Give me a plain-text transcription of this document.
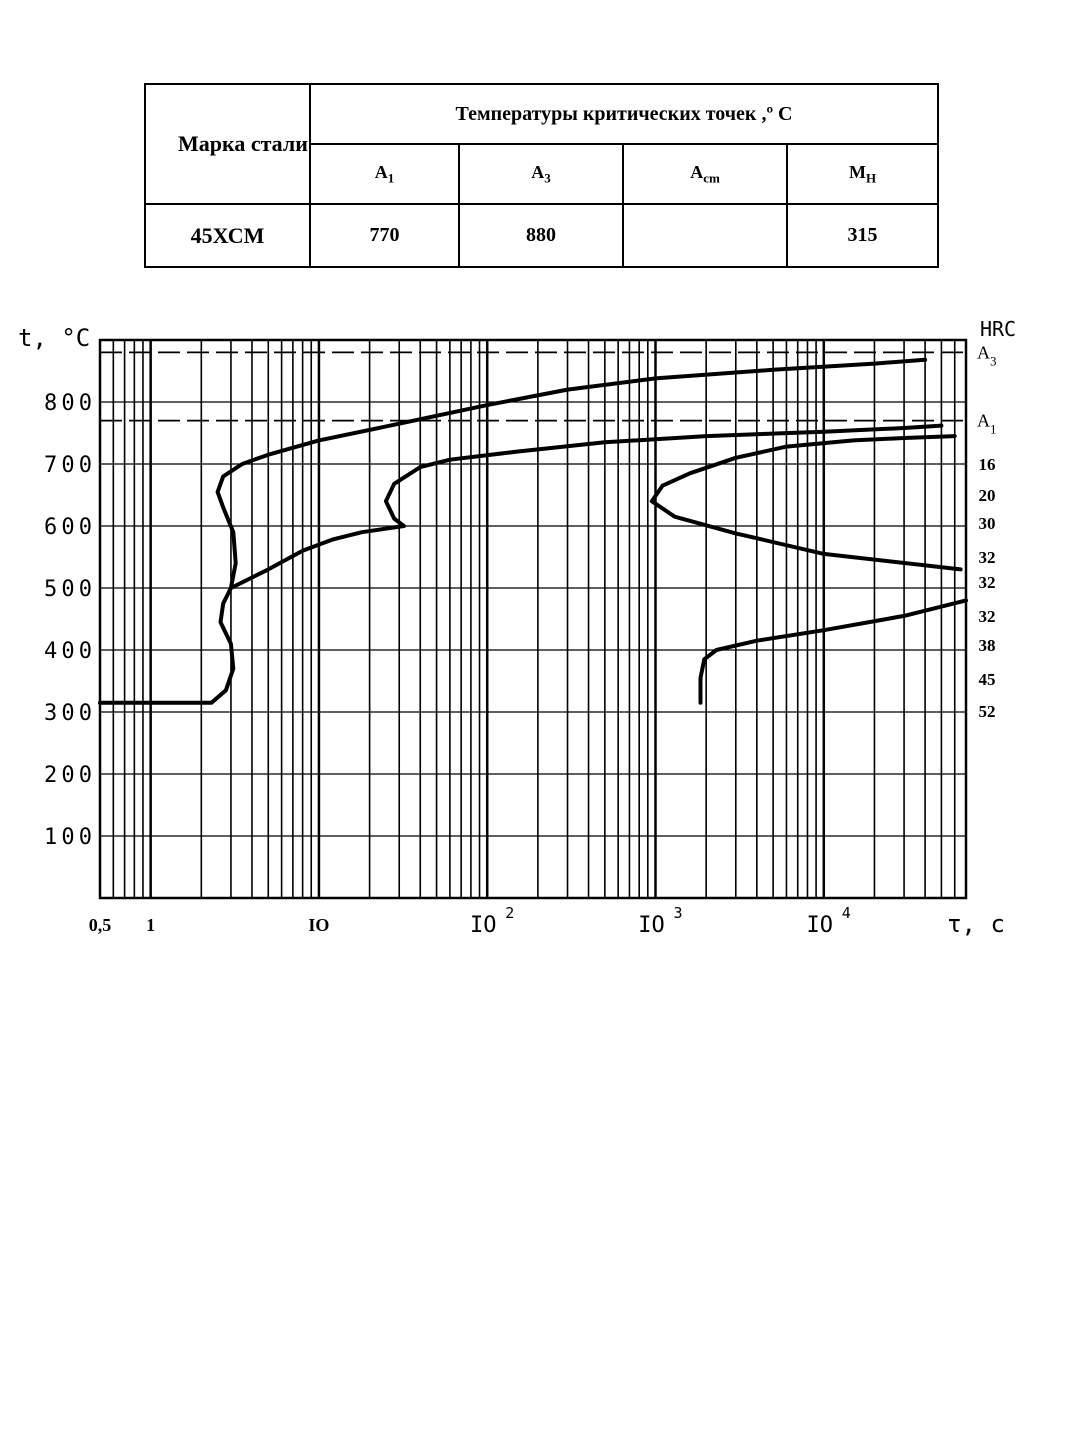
Марка стали	Температуры критических точек ,º С			
	$A_1$	$A_3$	$A_{cm}$	$M_H$
45ХСМ	770	880		315
100
200
300
400
500
600
700
800
t, °C
0,5 1	IO	IO 2	IO 3	IO 4	τ, с
HRC
$A_3$
$A_1$
16
20
30
32
32
32
38
45
52
